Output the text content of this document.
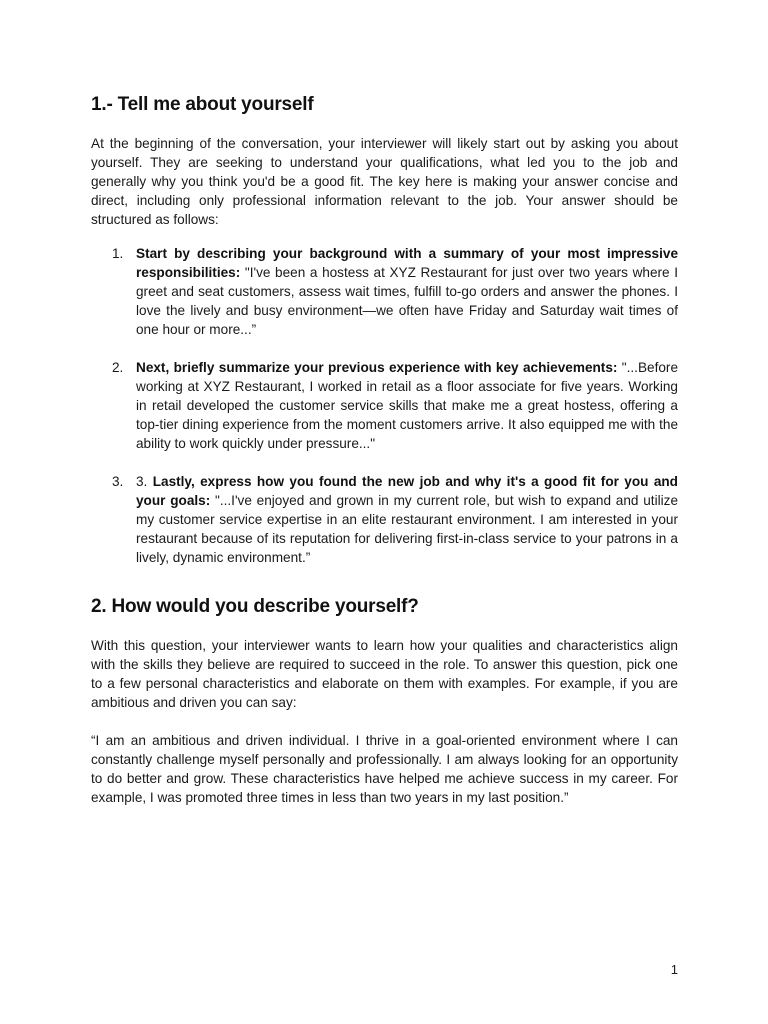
1.- Tell me about yourself

At the beginning of the conversation, your interviewer will likely start out by asking you about yourself. They are seeking to understand your qualifications, what led you to the job and generally why you think you'd be a good fit. The key here is making your answer concise and direct, including only professional information relevant to the job. Your answer should be structured as follows:

1. Start by describing your background with a summary of your most impressive responsibilities: "I've been a hostess at XYZ Restaurant for just over two years where I greet and seat customers, assess wait times, fulfill to-go orders and answer the phones. I love the lively and busy environment—we often have Friday and Saturday wait times of one hour or more...”
2. Next, briefly summarize your previous experience with key achievements: "...Before working at XYZ Restaurant, I worked in retail as a floor associate for five years. Working in retail developed the customer service skills that make me a great hostess, offering a top-tier dining experience from the moment customers arrive. It also equipped me with the ability to work quickly under pressure..."
3. 3. Lastly, express how you found the new job and why it's a good fit for you and your goals: "...I've enjoyed and grown in my current role, but wish to expand and utilize my customer service expertise in an elite restaurant environment. I am interested in your restaurant because of its reputation for delivering first-in-class service to your patrons in a lively, dynamic environment.”
2. How would you describe yourself?

With this question, your interviewer wants to learn how your qualities and characteristics align with the skills they believe are required to succeed in the role. To answer this question, pick one to a few personal characteristics and elaborate on them with examples. For example, if you are ambitious and driven you can say:

“I am an ambitious and driven individual. I thrive in a goal-oriented environment where I can constantly challenge myself personally and professionally. I am always looking for an opportunity to do better and grow. These characteristics have helped me achieve success in my career. For example, I was promoted three times in less than two years in my last position.”

1
